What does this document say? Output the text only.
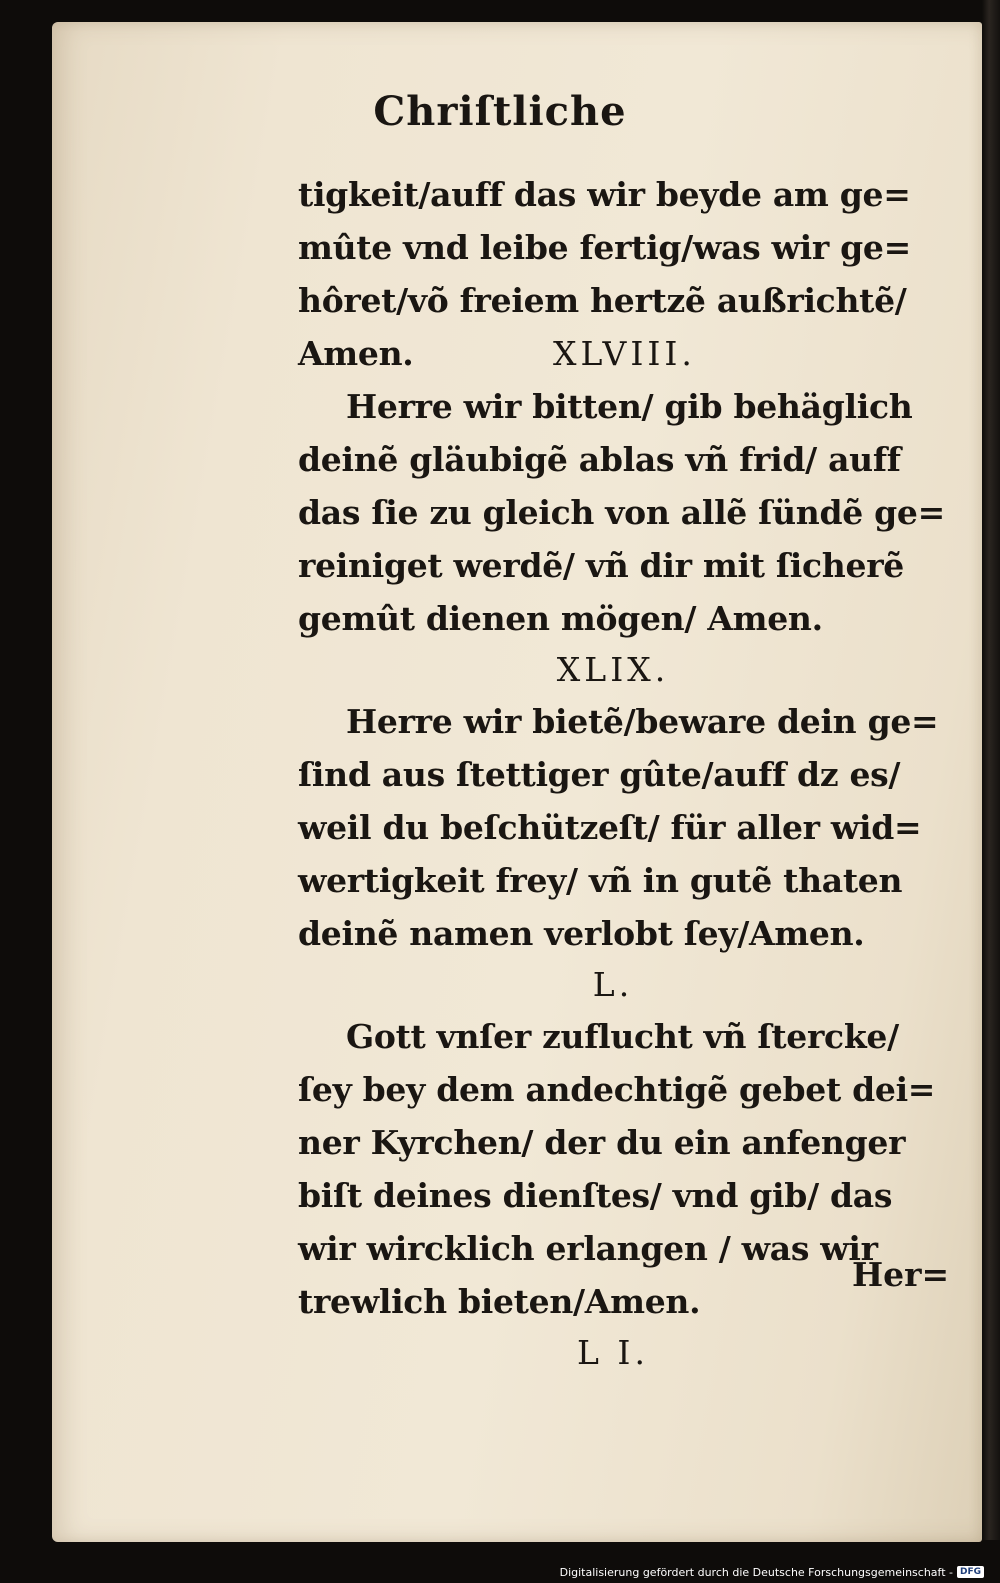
Chriſtliche
tigkeit/auff das wir beyde am ge=
mûte vnd leibe fertig/was wir ge=
hôret/võ freiem hertzẽ außrichtẽ/
Amen.	XLVIII.
Herre wir bitten/ gib behäglich
deinẽ gläubigẽ ablas vñ frid/ auff
das ſie zu gleich von allẽ ſündẽ ge=
reiniget werdẽ/ vñ dir mit ſicherẽ
gemût dienen mögen/ Amen.
XLIX.
Herre wir bietẽ/beware dein ge=
ſind aus ſtettiger gûte/auff dz es/
weil du beſchützeſt/ für aller wid=
wertigkeit frey/ vñ in gutẽ thaten
deinẽ namen verlobt ſey/Amen.
L.
Gott vnſer zuflucht vñ ſtercke/
ſey bey dem andechtigẽ gebet dei=
ner Kyrchen/ der du ein anfenger
biſt deines dienſtes/ vnd gib/ das
wir wircklich erlangen / was wir
trewlich bieten/Amen.
L I.
Her=
Digitalisierung gefördert durch die Deutsche Forschungsgemeinschaft - DFG
